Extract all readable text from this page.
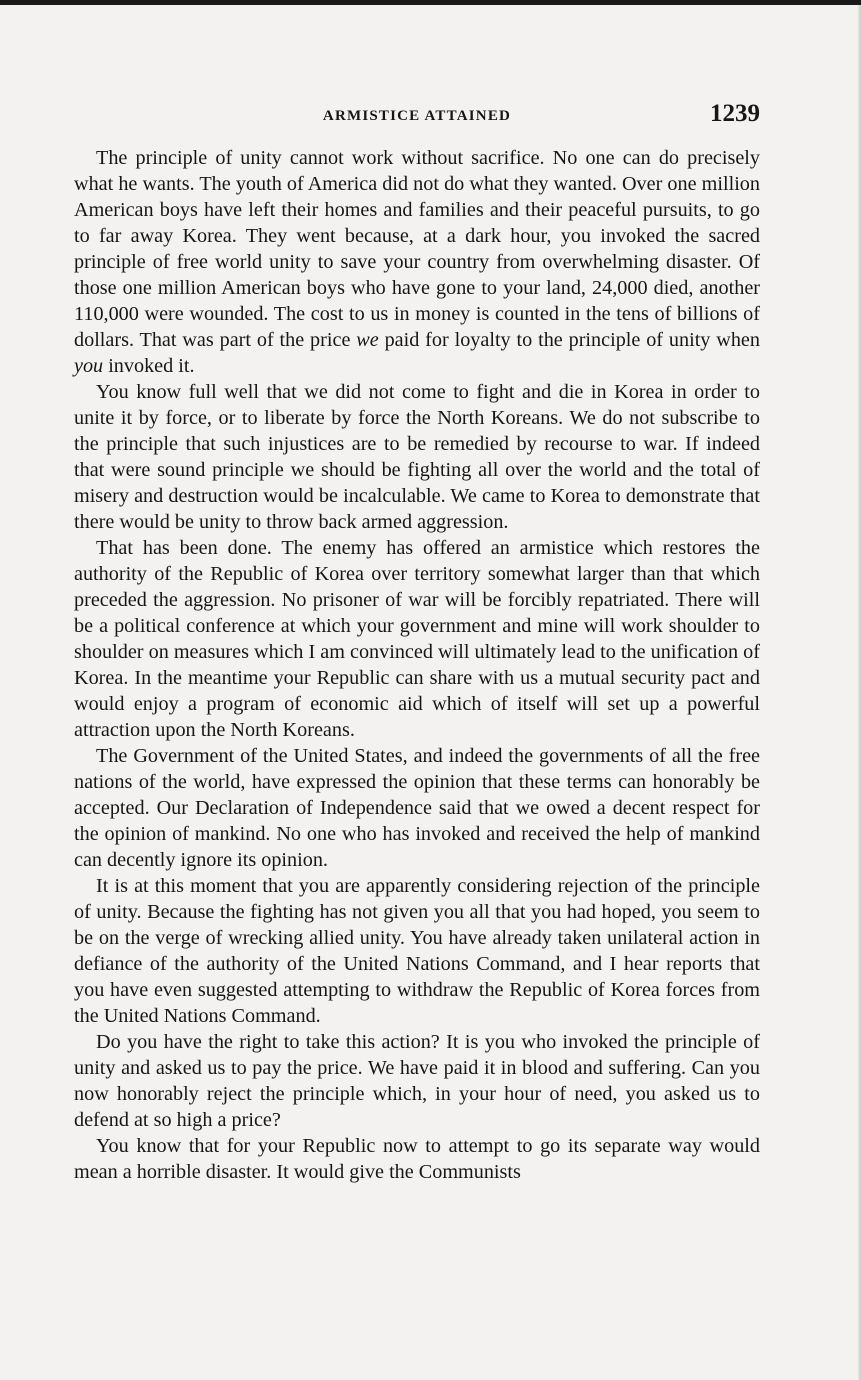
ARMISTICE ATTAINED	1239

The principle of unity cannot work without sacrifice. No one can do precisely what he wants. The youth of America did not do what they wanted. Over one million American boys have left their homes and families and their peaceful pursuits, to go to far away Korea. They went because, at a dark hour, you invoked the sacred principle of free world unity to save your country from overwhelming disaster. Of those one million American boys who have gone to your land, 24,000 died, another 110,000 were wounded. The cost to us in money is counted in the tens of billions of dollars. That was part of the price we paid for loyalty to the principle of unity when you invoked it.

You know full well that we did not come to fight and die in Korea in order to unite it by force, or to liberate by force the North Koreans. We do not subscribe to the principle that such injustices are to be remedied by recourse to war. If indeed that were sound principle we should be fighting all over the world and the total of misery and destruction would be incalculable. We came to Korea to demonstrate that there would be unity to throw back armed aggression.

That has been done. The enemy has offered an armistice which restores the authority of the Republic of Korea over territory somewhat larger than that which preceded the aggression. No prisoner of war will be forcibly repatriated. There will be a political conference at which your government and mine will work shoulder to shoulder on measures which I am convinced will ultimately lead to the unification of Korea. In the meantime your Republic can share with us a mutual security pact and would enjoy a program of economic aid which of itself will set up a powerful attraction upon the North Koreans.

The Government of the United States, and indeed the governments of all the free nations of the world, have expressed the opinion that these terms can honorably be accepted. Our Declaration of Independence said that we owed a decent respect for the opinion of mankind. No one who has invoked and received the help of mankind can decently ignore its opinion.

It is at this moment that you are apparently considering rejection of the principle of unity. Because the fighting has not given you all that you had hoped, you seem to be on the verge of wrecking allied unity. You have already taken unilateral action in defiance of the authority of the United Nations Command, and I hear reports that you have even suggested attempting to withdraw the Republic of Korea forces from the United Nations Command.

Do you have the right to take this action? It is you who invoked the principle of unity and asked us to pay the price. We have paid it in blood and suffering. Can you now honorably reject the principle which, in your hour of need, you asked us to defend at so high a price?

You know that for your Republic now to attempt to go its separate way would mean a horrible disaster. It would give the Communists
